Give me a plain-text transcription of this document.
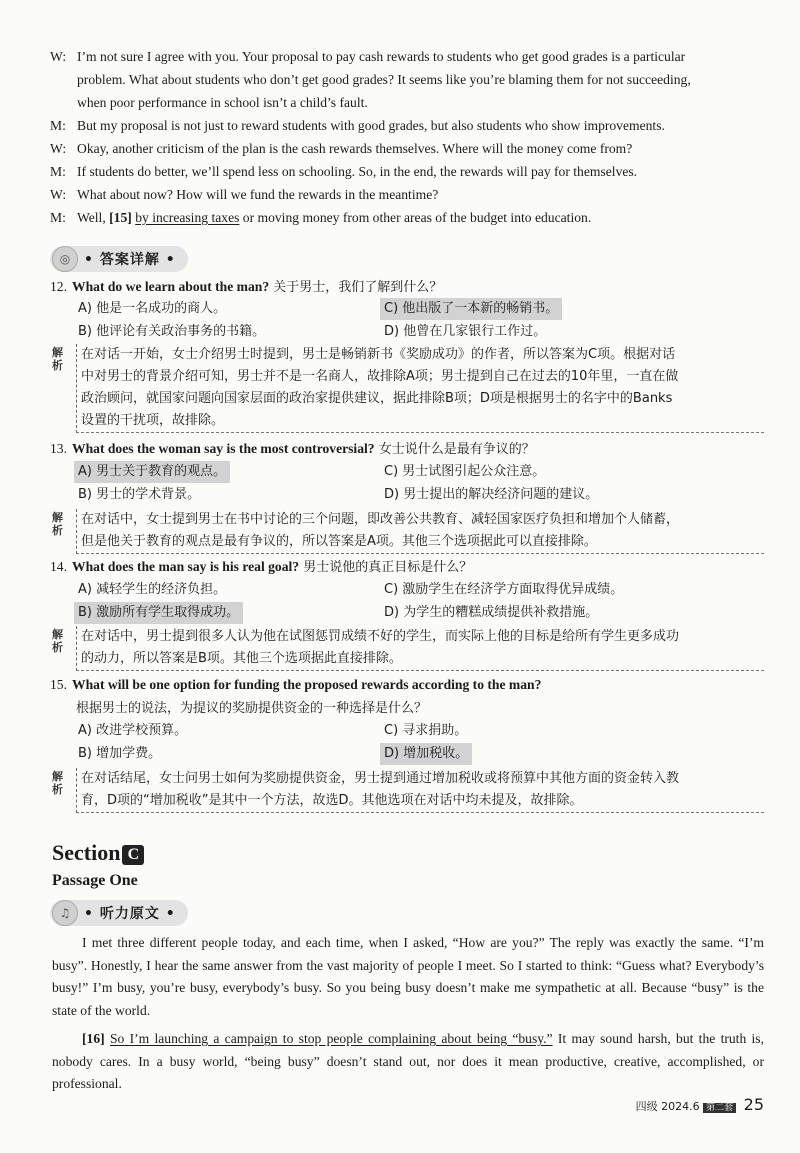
W: I’m not sure I agree with you. Your proposal to pay cash rewards to students who get good grades is a particular
problem. What about students who don’t get good grades? It seems like you’re blaming them for not succeeding,
when poor performance in school isn’t a child’s fault.
M: But my proposal is not just to reward students with good grades, but also students who show improvements.
W: Okay, another criticism of the plan is the cash rewards themselves. Where will the money come from?
M: If students do better, we’ll spend less on schooling. So, in the end, the rewards will pay for themselves.
W: What about now? How will we fund the rewards in the meantime?
M: Well, [15] by increasing taxes or moving money from other areas of the budget into education.
◎ • 答案详解 •
12. What do we learn about the man? 关于男士，我们了解到什么？
A) 他是一名成功的商人。	C) 他出版了一本新的畅销书。
B) 他评论有关政治事务的书籍。	D) 他曾在几家银行工作过。
解析
在对话一开始，女士介绍男士时提到，男士是畅销新书《奖励成功》的作者，所以答案为C项。根据对话
中对男士的背景介绍可知，男士并不是一名商人，故排除A项；男士提到自己在过去的10年里，一直在做
政治顾问，就国家问题向国家层面的政治家提供建议，据此排除B项；D项是根据男士的名字中的Banks
设置的干扰项，故排除。
13. What does the woman say is the most controversial? 女士说什么是最有争议的？
A) 男士关于教育的观点。	C) 男士试图引起公众注意。
B) 男士的学术背景。	D) 男士提出的解决经济问题的建议。
解析
在对话中，女士提到男士在书中讨论的三个问题，即改善公共教育、减轻国家医疗负担和增加个人储蓄，
但是他关于教育的观点是最有争议的，所以答案是A项。其他三个选项据此可以直接排除。
14. What does the man say is his real goal? 男士说他的真正目标是什么？
A) 减轻学生的经济负担。	C) 激励学生在经济学方面取得优异成绩。
B) 激励所有学生取得成功。	D) 为学生的糟糕成绩提供补救措施。
解析
在对话中，男士提到很多人认为他在试图惩罚成绩不好的学生，而实际上他的目标是给所有学生更多成功
的动力，所以答案是B项。其他三个选项据此直接排除。
15. What will be one option for funding the proposed rewards according to the man?
根据男士的说法，为提议的奖励提供资金的一种选择是什么？
A) 改进学校预算。	C) 寻求捐助。
B) 增加学费。	D) 增加税收。
解析
在对话结尾，女士问男士如何为奖励提供资金，男士提到通过增加税收或将预算中其他方面的资金转入教
育，D项的“增加税收”是其中一个方法，故选D。其他选项在对话中均未提及，故排除。
Section C
Passage One
♫ • 听力原文 •
I met three different people today, and each time, when I asked, “How are you?” The reply was exactly the same. “I’m busy”. Honestly, I hear the same answer from the vast majority of people I meet. So I started to think: “Guess what? Everybody’s busy!” I’m busy, you’re busy, everybody’s busy. So you being busy doesn’t make me sympathetic at all. Because “busy” is the state of the world.
[16] So I’m launching a campaign to stop people complaining about being “busy.” It may sound harsh, but the truth is, nobody cares. In a busy world, “being busy” doesn’t stand out, nor does it mean productive, creative, accomplished, or professional.
四级 2024.6 第二套 25
